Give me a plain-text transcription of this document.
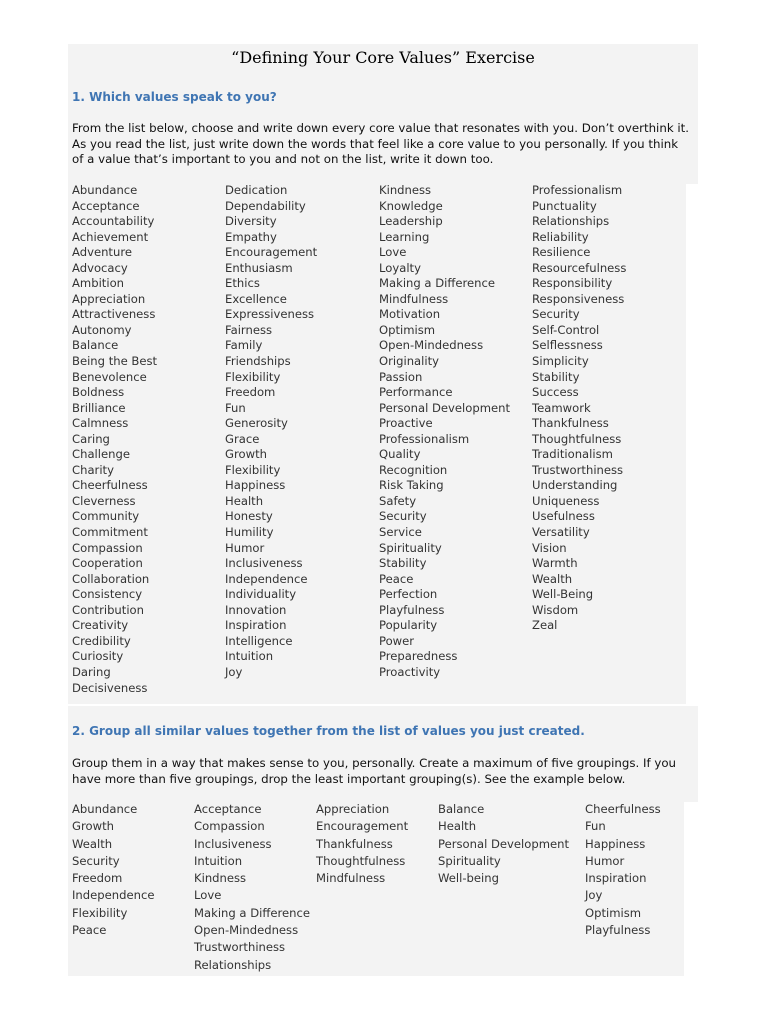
“Defining Your Core Values” Exercise
1. Which values speak to you?
From the list below, choose and write down every core value that resonates with you. Don’t overthink it. As you read the list, just write down the words that feel like a core value to you personally. If you think of a value that’s important to you and not on the list, write it down too.
Abundance
Acceptance
Accountability
Achievement
Adventure
Advocacy
Ambition
Appreciation
Attractiveness
Autonomy
Balance
Being the Best
Benevolence
Boldness
Brilliance
Calmness
Caring
Challenge
Charity
Cheerfulness
Cleverness
Community
Commitment
Compassion
Cooperation
Collaboration
Consistency
Contribution
Creativity
Credibility
Curiosity
Daring
Decisiveness
Dedication
Dependability
Diversity
Empathy
Encouragement
Enthusiasm
Ethics
Excellence
Expressiveness
Fairness
Family
Friendships
Flexibility
Freedom
Fun
Generosity
Grace
Growth
Flexibility
Happiness
Health
Honesty
Humility
Humor
Inclusiveness
Independence
Individuality
Innovation
Inspiration
Intelligence
Intuition
Joy
Kindness
Knowledge
Leadership
Learning
Love
Loyalty
Making a Difference
Mindfulness
Motivation
Optimism
Open-Mindedness
Originality
Passion
Performance
Personal Development
Proactive
Professionalism
Quality
Recognition
Risk Taking
Safety
Security
Service
Spirituality
Stability
Peace
Perfection
Playfulness
Popularity
Power
Preparedness
Proactivity
Professionalism
Punctuality
Relationships
Reliability
Resilience
Resourcefulness
Responsibility
Responsiveness
Security
Self-Control
Selflessness
Simplicity
Stability
Success
Teamwork
Thankfulness
Thoughtfulness
Traditionalism
Trustworthiness
Understanding
Uniqueness
Usefulness
Versatility
Vision
Warmth
Wealth
Well-Being
Wisdom
Zeal
2. Group all similar values together from the list of values you just created.
Group them in a way that makes sense to you, personally. Create a maximum of five groupings. If you have more than five groupings, drop the least important grouping(s). See the example below.
Abundance
Growth
Wealth
Security
Freedom
Independence
Flexibility
Peace
Acceptance
Compassion
Inclusiveness
Intuition
Kindness
Love
Making a Difference
Open-Mindedness
Trustworthiness
Relationships
Appreciation
Encouragement
Thankfulness
Thoughtfulness
Mindfulness
Balance
Health
Personal Development
Spirituality
Well-being
Cheerfulness
Fun
Happiness
Humor
Inspiration
Joy
Optimism
Playfulness
